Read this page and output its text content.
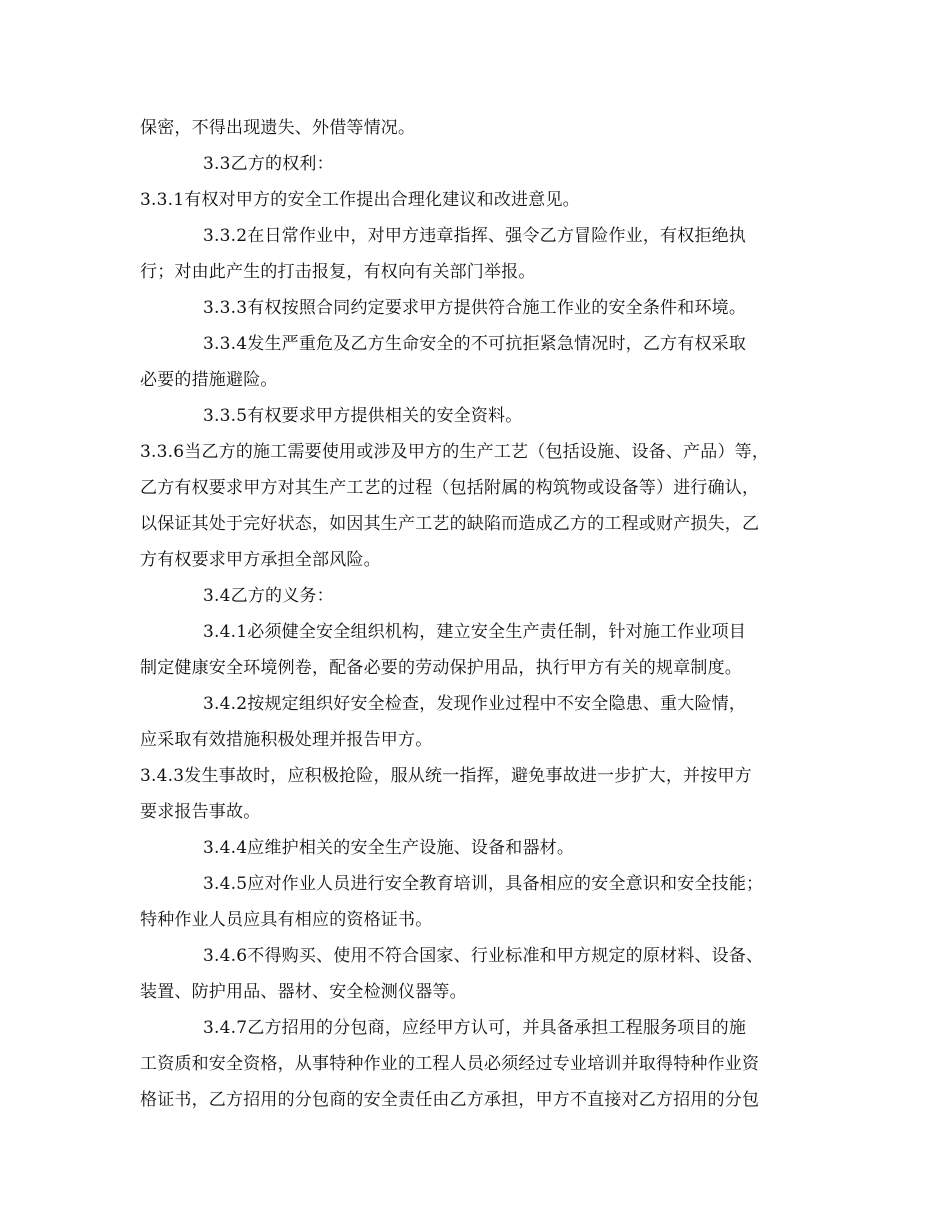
保密，不得出现遗失、外借等情况。
3.3乙方的权利：
3.3.1有权对甲方的安全工作提出合理化建议和改进意见。
3.3.2在日常作业中，对甲方违章指挥、强令乙方冒险作业，有权拒绝执
行；对由此产生的打击报复，有权向有关部门举报。
3.3.3有权按照合同约定要求甲方提供符合施工作业的安全条件和环境。
3.3.4发生严重危及乙方生命安全的不可抗拒紧急情况时，乙方有权采取
必要的措施避险。
3.3.5有权要求甲方提供相关的安全资料。
3.3.6当乙方的施工需要使用或涉及甲方的生产工艺（包括设施、设备、产品）等，
乙方有权要求甲方对其生产工艺的过程（包括附属的构筑物或设备等）进行确认，
以保证其处于完好状态，如因其生产工艺的缺陷而造成乙方的工程或财产损失，乙
方有权要求甲方承担全部风险。
3.4乙方的义务：
3.4.1必须健全安全组织机构，建立安全生产责任制，针对施工作业项目
制定健康安全环境例卷，配备必要的劳动保护用品，执行甲方有关的规章制度。
3.4.2按规定组织好安全检查，发现作业过程中不安全隐患、重大险情，
应采取有效措施积极处理并报告甲方。
3.4.3发生事故时，应积极抢险，服从统一指挥，避免事故进一步扩大，并按甲方
要求报告事故。
3.4.4应维护相关的安全生产设施、设备和器材。
3.4.5应对作业人员进行安全教育培训，具备相应的安全意识和安全技能；
特种作业人员应具有相应的资格证书。
3.4.6不得购买、使用不符合国家、行业标准和甲方规定的原材料、设备、
装置、防护用品、器材、安全检测仪器等。
3.4.7乙方招用的分包商，应经甲方认可，并具备承担工程服务项目的施
工资质和安全资格，从事特种作业的工程人员必须经过专业培训并取得特种作业资
格证书，乙方招用的分包商的安全责任由乙方承担，甲方不直接对乙方招用的分包
